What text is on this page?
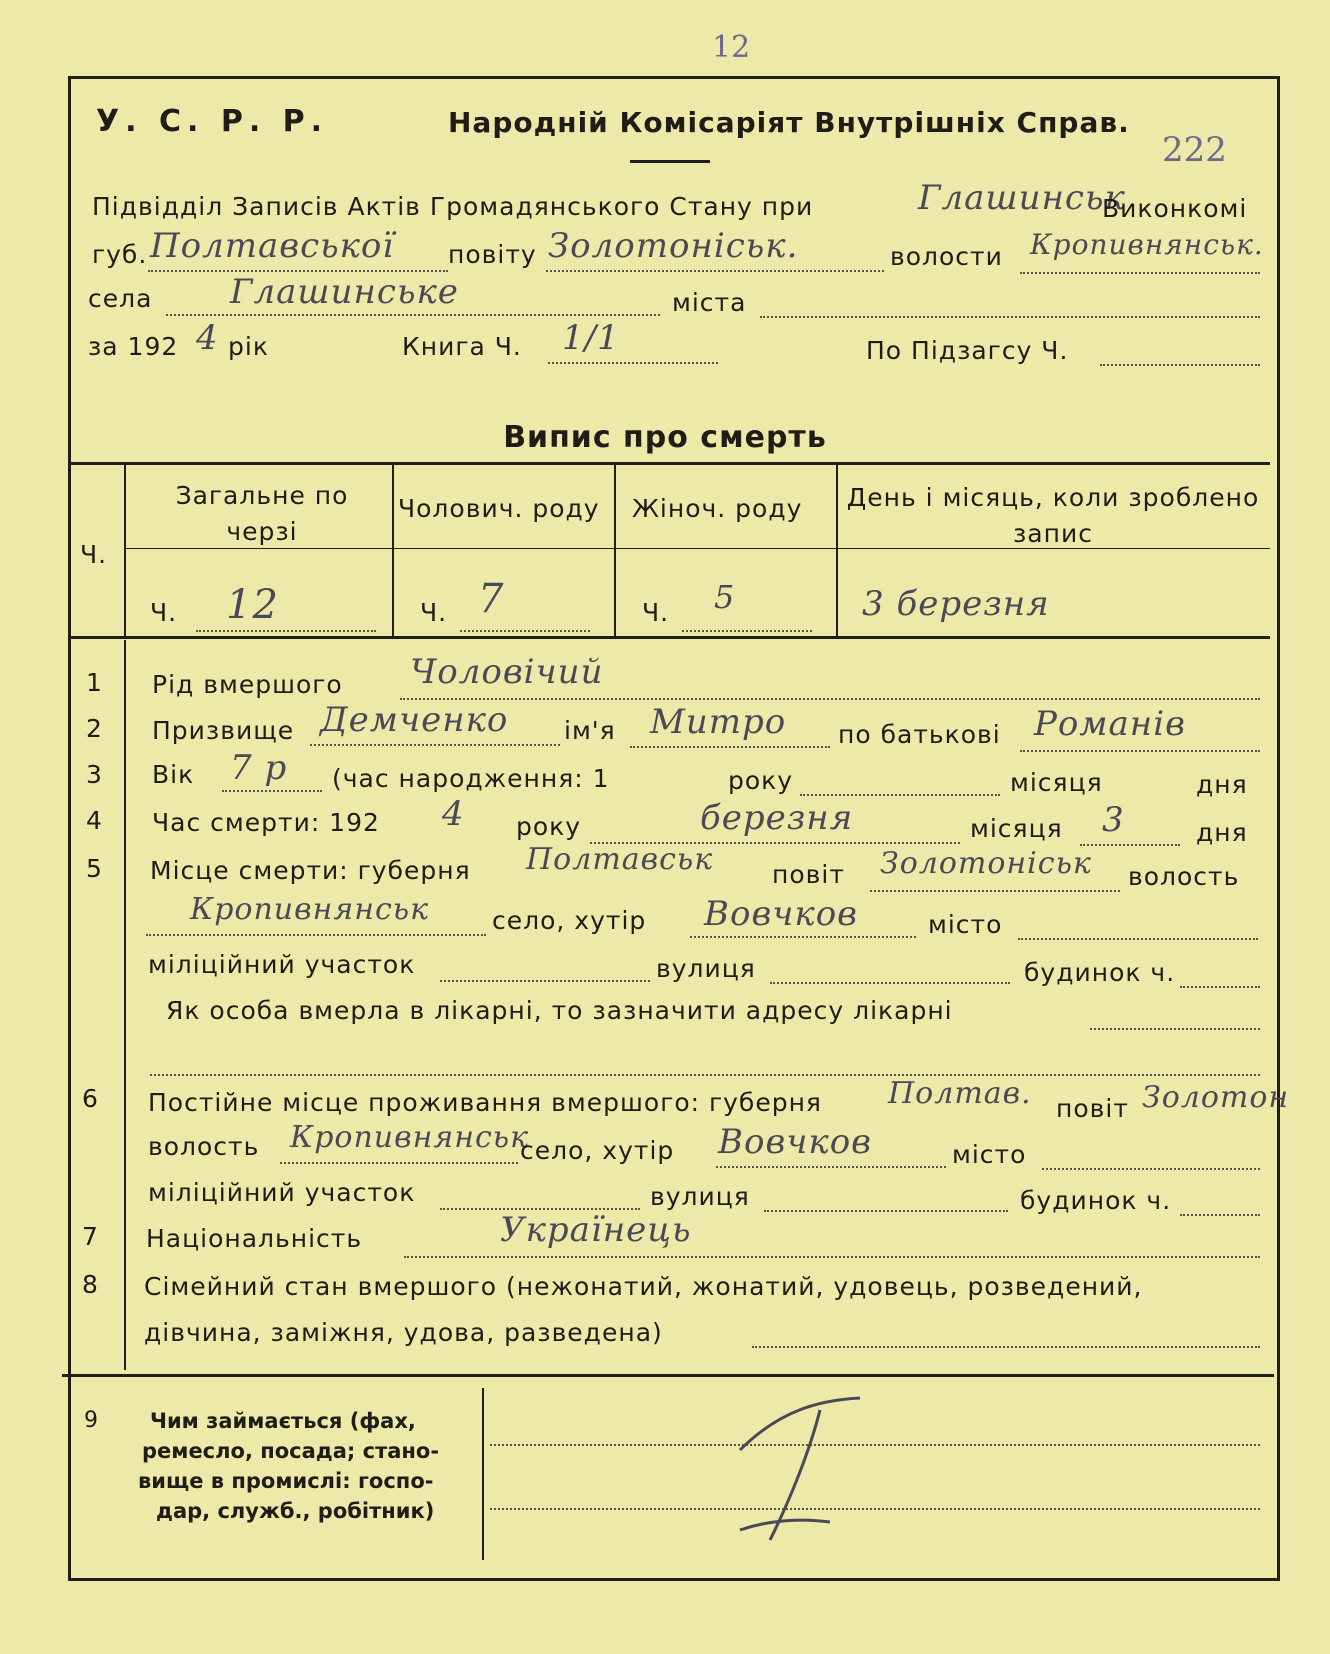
12
У. С. Р. Р.	Народній Комісаріят Внутрішніх Справ.
222
Підвідділ Записів Актів Громадянського Стану при	Глашинськ
Виконкомі
губ. Полтавської повіту Золотоніськ.	волости Кропивнянськ.
села Глашинське	міста
за 192 4 рік	Книга Ч. 1/1	По Підзагсу Ч.
Випис про смерть
Ч.
Загальне по черзі
Чолович. роду Жіноч. роду День і місяць, коли зроблено запис
Ч. 12	Ч. 7	Ч. 5	3 березня
1 Рід вмершого Чоловічий
2 Призвище Демченко ім'я Митро по батькові Романів
3 Вік 7 р (час народження: 1	року	місяця	дня
4 Час смерти: 192 4 року	березня	місяця 3	дня
5 Місце смерти: губерня Полтавськ повіт Золотоніськ волость
Кропивнянськ	село, хутір Вовчков	місто
міліційний участок	вулиця	будинок ч.
Як особа вмерла в лікарні, то зазначити адресу лікарні
6 Постійне місце проживання вмершого: губерня Полтав. повіт Золотон
волость Кропивнянськ
село, хутір Вовчков	місто
міліційний участок	вулиця	будинок ч.
7 Національність	Українець
8 Сімейний стан вмершого (нежонатий, жонатий, удовець, розведений,
дівчина, заміжня, удова, разведена)
9 Чим займається (фах,
ремесло, посада; стано-
вище в промислі: госпо-
дар, служб., робітник)
